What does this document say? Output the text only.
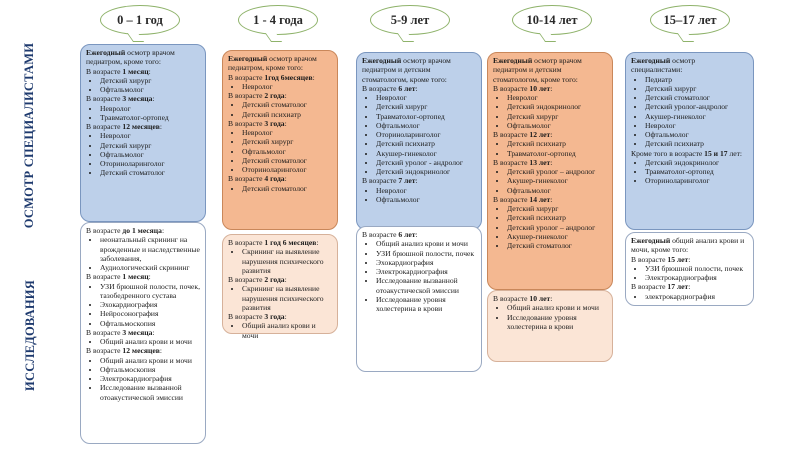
ОСМОТР СПЕЦИАЛИСТАМИ
ИССЛЕДОВАНИЯ
0 – 1 год
Ежегодный осмотр врачом педиатром, кроме того:
В возрасте 1 месяц:
• Детский хирург
• Офтальмолог
В возрасте 3 месяца:
• Невролог
• Травматолог-ортопед
В возрасте 12 месяцев:
• Невролог
• Детский хирург
• Офтальмолог
• Оториноларинголог
• Детский стоматолог
В возрасте до 1 месяца:
• неонатальный скрининг на врожденные и наследственные заболевания,
• Аудиологический скрининг
В возрасте 1 месяц:
• УЗИ брюшной полости, почек, тазобедренного сустава
• Эхокардиография
• Нейросонография
• Офтальмоскопия
В возрасте 3 месяца:
• Общий анализ крови и мочи
В возрасте 12 месяцев:
• Общий анализ крови и мочи
• Офтальмоскопия
• Электрокардиография
• Исследование вызванной отоакустической эмиссии
1 - 4 года
Ежегодный осмотр врачом педиатром, кроме того:
В возрасте 1год 6месяцев:
• Невролог
В возрасте 2 года:
• Детский стоматолог
• Детский психиатр
В возрасте 3 года:
• Невролог
• Детский хирург
• Офтальмолог
• Детский стоматолог
• Оториноларинголог
В возрасте 4 года:
• Детский стоматолог
В возрасте 1 год 6 месяцев:
• Скрининг на выявление нарушения психического развития
В возрасте 2 года:
• Скрининг на выявление нарушения психического развития
В возрасте 3 года:
• Общий анализ крови и мочи
5-9 лет
Ежегодный осмотр врачом педиатром и детским стоматологом, кроме того:
В возрасте 6 лет:
• Невролог
• Детский хирург
• Травматолог-ортопед
• Офтальмолог
• Оториноларинголог
• Детский психиатр
• Акушер-гинеколог
• Детский уролог - андролог
• Детский эндокринолог
В возрасте 7 лет:
• Невролог
• Офтальмолог
В возрасте 6 лет:
• Общий анализ крови и мочи
• УЗИ брюшной полости, почек
• Эхокардиография
• Электрокардиография
• Исследование вызванной отоакустической эмиссии
• Исследование уровня холестерина в крови
10-14 лет
Ежегодный осмотр врачом педиатром и детским стоматологом, кроме того:
В возрасте 10 лет:
• Невролог
• Детский эндокринолог
• Детский хирург
• Офтальмолог
В возрасте 12 лет:
• Детский психиатр
• Травматолог-ортопед
В возрасте 13 лет:
• Детский уролог – андролог
• Акушер-гинеколог
• Офтальмолог
В возрасте 14 лет:
• Детский хирург
• Детский психиатр
• Детский уролог – андролог
• Акушер-гинеколог
• Детский стоматолог
В возрасте 10 лет:
• Общий анализ крови и мочи
• Исследование уровня холестерина в крови
15–17 лет
Ежегодный осмотр специалистами:
• Педиатр
• Детский хирург
• Детский стоматолог
• Детский уролог-андролог
• Акушер-гинеколог
• Невролог
• Офтальмолог
• Детский психиатр
Кроме того в возрасте 15 и 17 лет:
• Детский эндокринолог
• Травматолог-ортопед
• Оториноларинголог
Ежегодный общий анализ крови и мочи, кроме того:
В возрасте 15 лет:
• УЗИ брюшной полости, почек
• Электрокардиография
В возрасте 17 лет:
• электрокардиография
